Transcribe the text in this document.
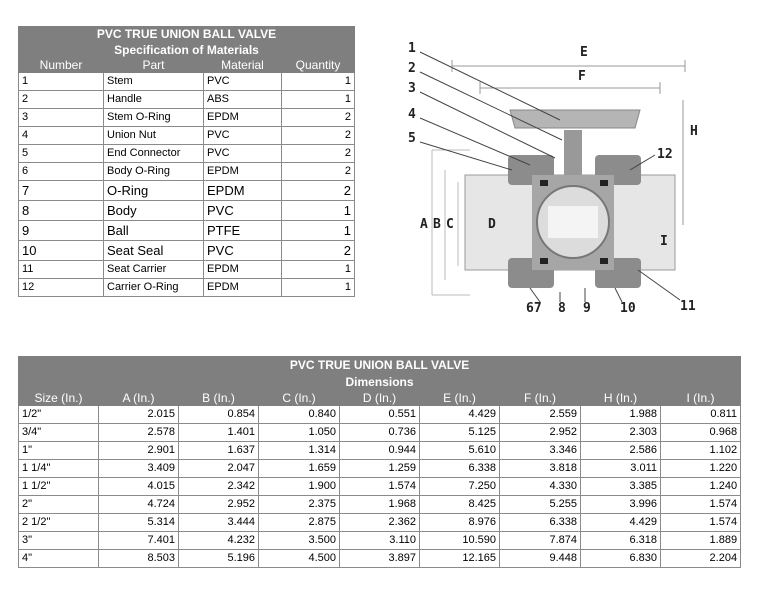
PVC TRUE UNION BALL VALVE			
Specification of Materials			
Number	Part	Material	Quantity
1	Stem	PVC	1
2	Handle	ABS	1
3	Stem O-Ring	EPDM	2
4	Union Nut	PVC	2
5	End Connector	PVC	2
6	Body O-Ring	EPDM	2
7	O-Ring	EPDM	2
8	Body	PVC	1
9	Ball	PTFE	1
10	Seat Seal	PVC	2
11	Seat Carrier	EPDM	1
12	Carrier O-Ring	EPDM	1
1
2
3
4
5
12
I
11
10
9
8
67
E
F
H
A B C	D
PVC TRUE UNION BALL VALVE								
Dimensions								
Size (In.)	A (In.)	B (In.)	C (In.)	D (In.)	E (In.)	F (In.)	H (In.)	I (In.)
1/2"	2.015	0.854	0.840	0.551	4.429	2.559	1.988	0.811
3/4"	2.578	1.401	1.050	0.736	5.125	2.952	2.303	0.968
1"	2.901	1.637	1.314	0.944	5.610	3.346	2.586	1.102
1 1/4"	3.409	2.047	1.659	1.259	6.338	3.818	3.011	1.220
1 1/2"	4.015	2.342	1.900	1.574	7.250	4.330	3.385	1.240
2"	4.724	2.952	2.375	1.968	8.425	5.255	3.996	1.574
2 1/2"	5.314	3.444	2.875	2.362	8.976	6.338	4.429	1.574
3"	7.401	4.232	3.500	3.110	10.590	7.874	6.318	1.889
4"	8.503	5.196	4.500	3.897	12.165	9.448	6.830	2.204
